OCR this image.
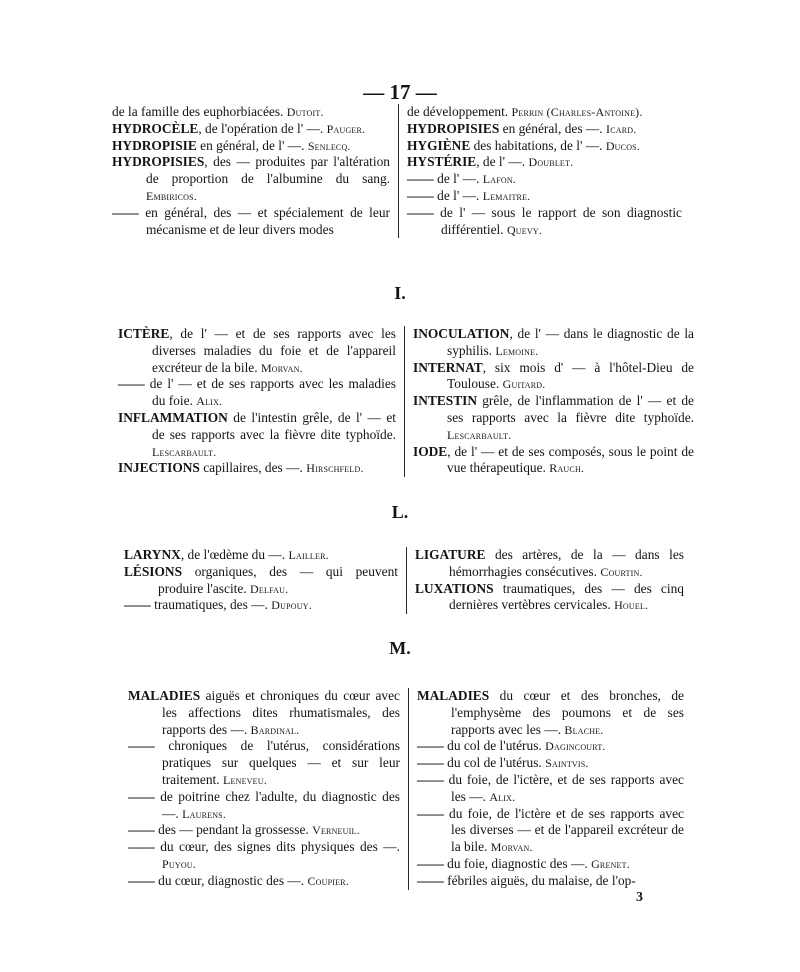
— 17 —

de la famille des euphorbiacées. Dutoit.

HYDROCÈLE, de l'opération de l' —. Pauger.

HYDROPISIE en général, de l' —. Senlecq.

HYDROPISIES, des — produites par l'altération de proportion de l'albumine du sang. Embiricos.

—— en général, des — et spécialement de leur mécanisme et de leur divers modes

de développement. Perrin (Charles-Antoine).

HYDROPISIES en général, des —. Icard.

HYGIÈNE des habitations, de l' —. Ducos.

HYSTÉRIE, de l' —. Doublet.

—— de l' —. Lafon.

—— de l' —. Lemaitre.

—— de l' — sous le rapport de son diagnostic différentiel. Quevy.

I.

ICTÈRE, de l' — et de ses rapports avec les diverses maladies du foie et de l'appareil excréteur de la bile. Morvan.

—— de l' — et de ses rapports avec les maladies du foie. Alix.

INFLAMMATION de l'intestin grêle, de l' — et de ses rapports avec la fièvre dite typhoïde. Lescarbault.

INJECTIONS capillaires, des —. Hirschfeld.

INOCULATION, de l' — dans le diagnostic de la syphilis. Lemoine.

INTERNAT, six mois d' — à l'hôtel-Dieu de Toulouse. Guitard.

INTESTIN grêle, de l'inflammation de l' — et de ses rapports avec la fièvre dite typhoïde. Lescarbault.

IODE, de l' — et de ses composés, sous le point de vue thérapeutique. Rauch.

L.

LARYNX, de l'œdème du —. Lailler.

LÉSIONS organiques, des — qui peuvent produire l'ascite. Delfau.

—— traumatiques, des —. Dupouy.

LIGATURE des artères, de la — dans les hémorrhagies consécutives. Courtin.

LUXATIONS traumatiques, des — des cinq dernières vertèbres cervicales. Houel.

M.

MALADIES aiguës et chroniques du cœur avec les affections dites rhumatismales, des rapports des —. Bardinal.

—— chroniques de l'utérus, considérations pratiques sur quelques — et sur leur traitement. Leneveu.

—— de poitrine chez l'adulte, du diagnostic des —. Laurens.

—— des — pendant la grossesse. Verneuil.

—— du cœur, des signes dits physiques des —. Puyou.

—— du cœur, diagnostic des —. Coupier.

MALADIES du cœur et des bronches, de l'emphysème des poumons et de ses rapports avec les —. Blache.

—— du col de l'utérus. Dagincourt.

—— du col de l'utérus. Saintvis.

—— du foie, de l'ictère, et de ses rapports avec les —. Alix.

—— du foie, de l'ictère et de ses rapports avec les diverses — et de l'appareil excréteur de la bile. Morvan.

—— du foie, diagnostic des —. Grenet.

—— fébriles aiguës, du malaise, de l'op-

3
